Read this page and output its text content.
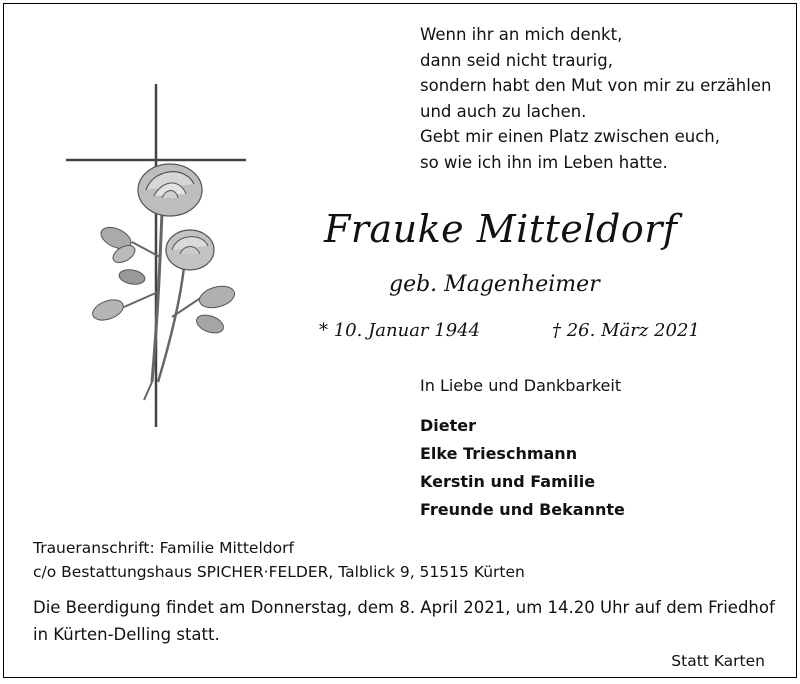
Wenn ihr an mich denkt,
dann seid nicht traurig,
sondern habt den Mut von mir zu erzählen
und auch zu lachen.
Gebt mir einen Platz zwischen euch,
so wie ich ihn im Leben hatte.
Frauke Mitteldorf
geb. Magenheimer
* 10. Januar 1944	† 26. März 2021
In Liebe und Dankbarkeit
Dieter
Elke Trieschmann
Kerstin und Familie
Freunde und Bekannte
Traueranschrift: Familie Mitteldorf
c/o Bestattungshaus SPICHER·FELDER, Talblick 9, 51515 Kürten
Die Beerdigung findet am Donnerstag, dem 8. April 2021, um 14.20 Uhr auf dem Friedhof
in Kürten-Delling statt.
Statt Karten
